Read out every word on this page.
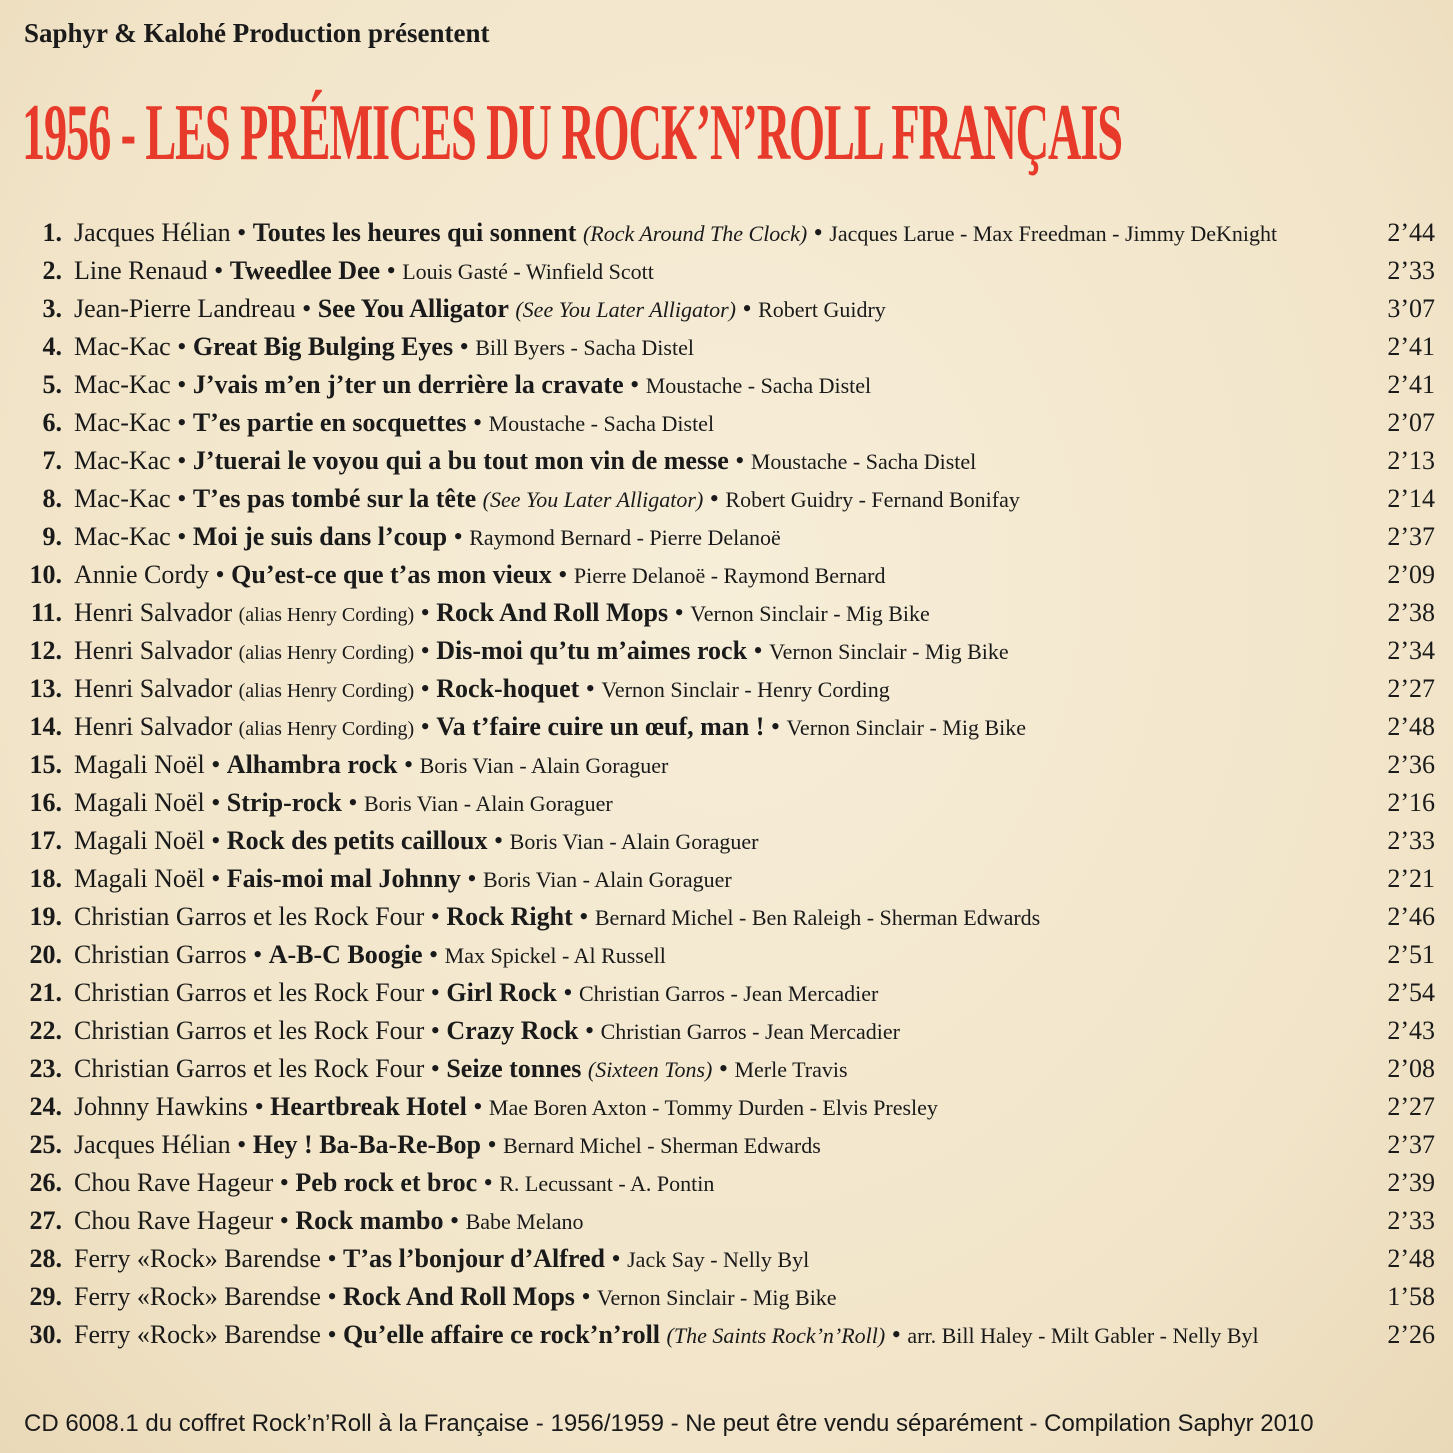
Saphyr & Kalohé Production présentent
1956 - LES PRÉMICES DU ROCK’N’ROLL FRANÇAIS
1. Jacques Hélian • Toutes les heures qui sonnent (Rock Around The Clock) • Jacques Larue - Max Freedman - Jimmy DeKnight	2’44
2. Line Renaud • Tweedlee Dee • Louis Gasté - Winfield Scott	2’33
3. Jean-Pierre Landreau • See You Alligator (See You Later Alligator) • Robert Guidry	3’07
4. Mac-Kac • Great Big Bulging Eyes • Bill Byers - Sacha Distel	2’41
5. Mac-Kac • J’vais m’en j’ter un derrière la cravate • Moustache - Sacha Distel	2’41
6. Mac-Kac • T’es partie en socquettes • Moustache - Sacha Distel	2’07
7. Mac-Kac • J’tuerai le voyou qui a bu tout mon vin de messe • Moustache - Sacha Distel	2’13
8. Mac-Kac • T’es pas tombé sur la tête (See You Later Alligator) • Robert Guidry - Fernand Bonifay	2’14
9. Mac-Kac • Moi je suis dans l’coup • Raymond Bernard - Pierre Delanoë	2’37
10. Annie Cordy • Qu’est-ce que t’as mon vieux • Pierre Delanoë - Raymond Bernard	2’09
11. Henri Salvador (alias Henry Cording) • Rock And Roll Mops • Vernon Sinclair - Mig Bike	2’38
12. Henri Salvador (alias Henry Cording) • Dis-moi qu’tu m’aimes rock • Vernon Sinclair - Mig Bike	2’34
13. Henri Salvador (alias Henry Cording) • Rock-hoquet • Vernon Sinclair - Henry Cording	2’27
14. Henri Salvador (alias Henry Cording) • Va t’faire cuire un œuf, man ! • Vernon Sinclair - Mig Bike	2’48
15. Magali Noël • Alhambra rock • Boris Vian - Alain Goraguer	2’36
16. Magali Noël • Strip-rock • Boris Vian - Alain Goraguer	2’16
17. Magali Noël • Rock des petits cailloux • Boris Vian - Alain Goraguer	2’33
18. Magali Noël • Fais-moi mal Johnny • Boris Vian - Alain Goraguer	2’21
19. Christian Garros et les Rock Four • Rock Right • Bernard Michel - Ben Raleigh - Sherman Edwards	2’46
20. Christian Garros • A-B-C Boogie • Max Spickel - Al Russell	2’51
21. Christian Garros et les Rock Four • Girl Rock • Christian Garros - Jean Mercadier	2’54
22. Christian Garros et les Rock Four • Crazy Rock • Christian Garros - Jean Mercadier	2’43
23. Christian Garros et les Rock Four • Seize tonnes (Sixteen Tons) • Merle Travis	2’08
24. Johnny Hawkins • Heartbreak Hotel • Mae Boren Axton - Tommy Durden - Elvis Presley	2’27
25. Jacques Hélian • Hey ! Ba-Ba-Re-Bop • Bernard Michel - Sherman Edwards	2’37
26. Chou Rave Hageur • Peb rock et broc • R. Lecussant - A. Pontin	2’39
27. Chou Rave Hageur • Rock mambo • Babe Melano	2’33
28. Ferry «Rock» Barendse • T’as l’bonjour d’Alfred • Jack Say - Nelly Byl	2’48
29. Ferry «Rock» Barendse • Rock And Roll Mops • Vernon Sinclair - Mig Bike	1’58
30. Ferry «Rock» Barendse • Qu’elle affaire ce rock’n’roll (The Saints Rock’n’Roll) • arr. Bill Haley - Milt Gabler - Nelly Byl	2’26
CD 6008.1 du coffret Rock’n’Roll à la Française - 1956/1959 - Ne peut être vendu séparément - Compilation Saphyr 2010
